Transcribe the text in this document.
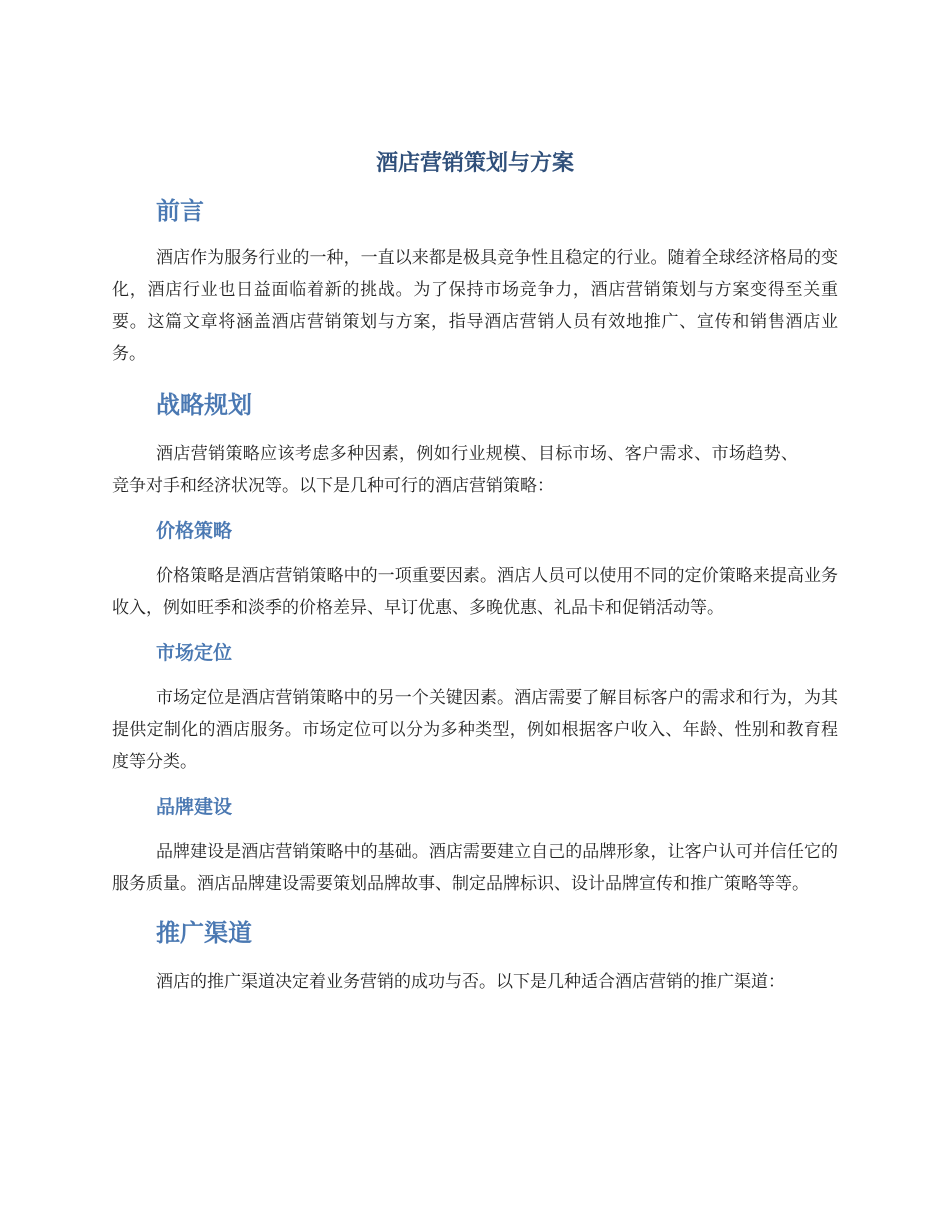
酒店营销策划与方案
前言

酒店作为服务行业的一种，一直以来都是极具竞争性且稳定的行业。随着全球经济格局的变化，酒店行业也日益面临着新的挑战。为了保持市场竞争力，酒店营销策划与方案变得至关重要。这篇文章将涵盖酒店营销策划与方案，指导酒店营销人员有效地推广、宣传和销售酒店业务。

战略规划

酒店营销策略应该考虑多种因素，例如行业规模、目标市场、客户需求、市场趋势、竞争对手和经济状况等。以下是几种可行的酒店营销策略：

价格策略

价格策略是酒店营销策略中的一项重要因素。酒店人员可以使用不同的定价策略来提高业务收入，例如旺季和淡季的价格差异、早订优惠、多晚优惠、礼品卡和促销活动等。

市场定位

市场定位是酒店营销策略中的另一个关键因素。酒店需要了解目标客户的需求和行为，为其提供定制化的酒店服务。市场定位可以分为多种类型，例如根据客户收入、年龄、性别和教育程度等分类。

品牌建设

品牌建设是酒店营销策略中的基础。酒店需要建立自己的品牌形象，让客户认可并信任它的服务质量。酒店品牌建设需要策划品牌故事、制定品牌标识、设计品牌宣传和推广策略等等。

推广渠道

酒店的推广渠道决定着业务营销的成功与否。以下是几种适合酒店营销的推广渠道：
